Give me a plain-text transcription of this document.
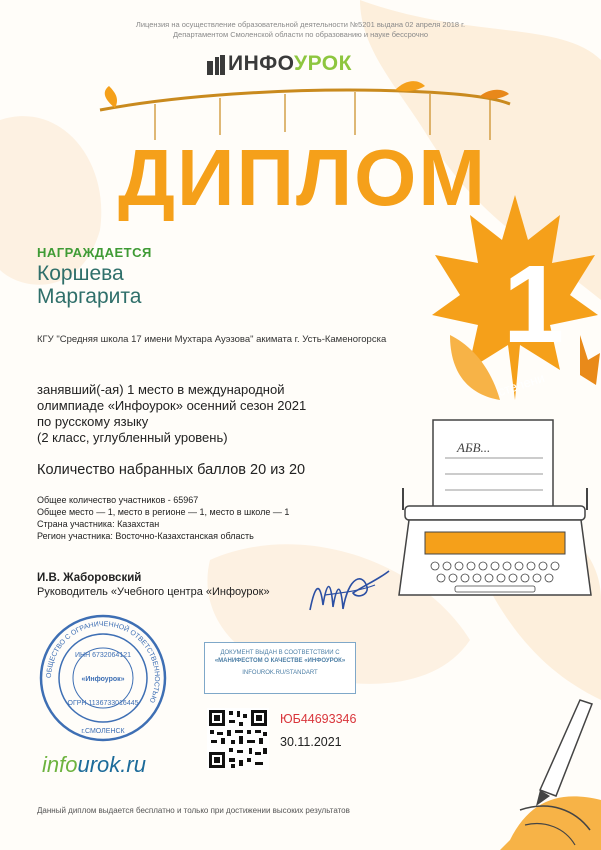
Лицензия на осуществление образовательной деятельности №5201 выдана 02 апреля 2018 г.
Департаментом Смоленской области по образованию и науке бессрочно
ИНФОУРОК
ДИПЛОМ
1
степени
НАГРАЖДАЕТСЯ
Коршева
Маргарита
КГУ "Средняя школа 17 имени Мухтара Ауэзова" акимата г. Усть-Каменогорска
занявший(-ая) 1 место в международной
олимпиаде «Инфоурок» осенний сезон 2021
по русскому языку
(2 класс, углубленный уровень)
Количество набранных баллов 20 из 20
Общее количество участников - 65967
Общее место — 1, место в регионе — 1, место в школе — 1
Страна участника: Казахстан
Регион участника: Восточно-Казахстанская область
АБВ...
И.В. Жаборовский
Руководитель «Учебного центра «Инфоурок»
ОБЩЕСТВО С ОГРАНИЧЕННОЙ ОТВЕТСТВЕННОСТЬЮ
ИНН 6732064121
«Инфоурок»
ОГРН 1136733016445
г.СМОЛЕНСК
ДОКУМЕНТ ВЫДАН В СООТВЕТСТВИИ С
«МАНИФЕСТОМ О КАЧЕСТВЕ «ИНФОУРОК»
INFOUROK.RU/STANDART
ЮБ44693346
30.11.2021
infourok.ru
Данный диплом выдается бесплатно и только при достижении высоких результатов
